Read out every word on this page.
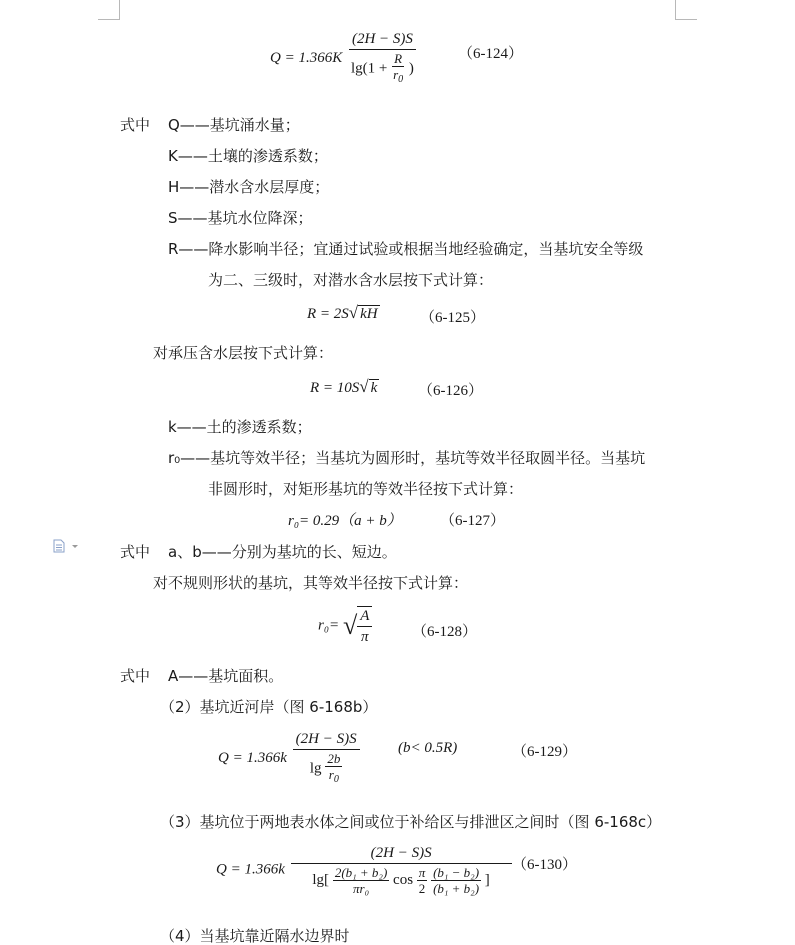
$Q = 1.366K \frac{(2H - S)S}{\lg(1 + \frac{R}{r_0} )}$	（6-124）
式中 Q——基坑涌水量；
K——土壤的渗透系数；
H——潜水含水层厚度；
S——基坑水位降深；
R——降水影响半径；宜通过试验或根据当地经验确定，当基坑安全等级
为二、三级时，对潜水含水层按下式计算：
R = 2S√ kH	（6-125）
对承压含水层按下式计算：
R = 10S√ k	（6-126）
k——土的渗透系数；
r₀——基坑等效半径；当基坑为圆形时，基坑等效半径取圆半径。当基坑
非圆形时，对矩形基坑的等效半径按下式计算：
r₀= 0.29（a + b）	（6-127）
式中 a、b——分别为基坑的长、短边。
对不规则形状的基坑，其等效半径按下式计算：
r₀= √ $\frac{A}{\pi}$	（6-128）
式中 A——基坑面积。
（2）基坑近河岸（图 6-168b）
$Q = 1.366k \frac{(2H - S)S}{\lg \frac{2b}{r_0}}$	(b< 0.5R)	（6-129）
（3）基坑位于两地表水体之间或位于补给区与排泄区之间时（图 6-168c）
Q = 1.366k
(2H − S)S
$\lg[ \frac{\text{2(b₁ + b₂)}}{\text{πr₀}}$ $\cos \frac{\pi}{2}$
$\frac{\text{(b₁ − b₂)}}{\text{(b₁ + b₂)}}$ ]
（6-130）
（4）当基坑靠近隔水边界时
